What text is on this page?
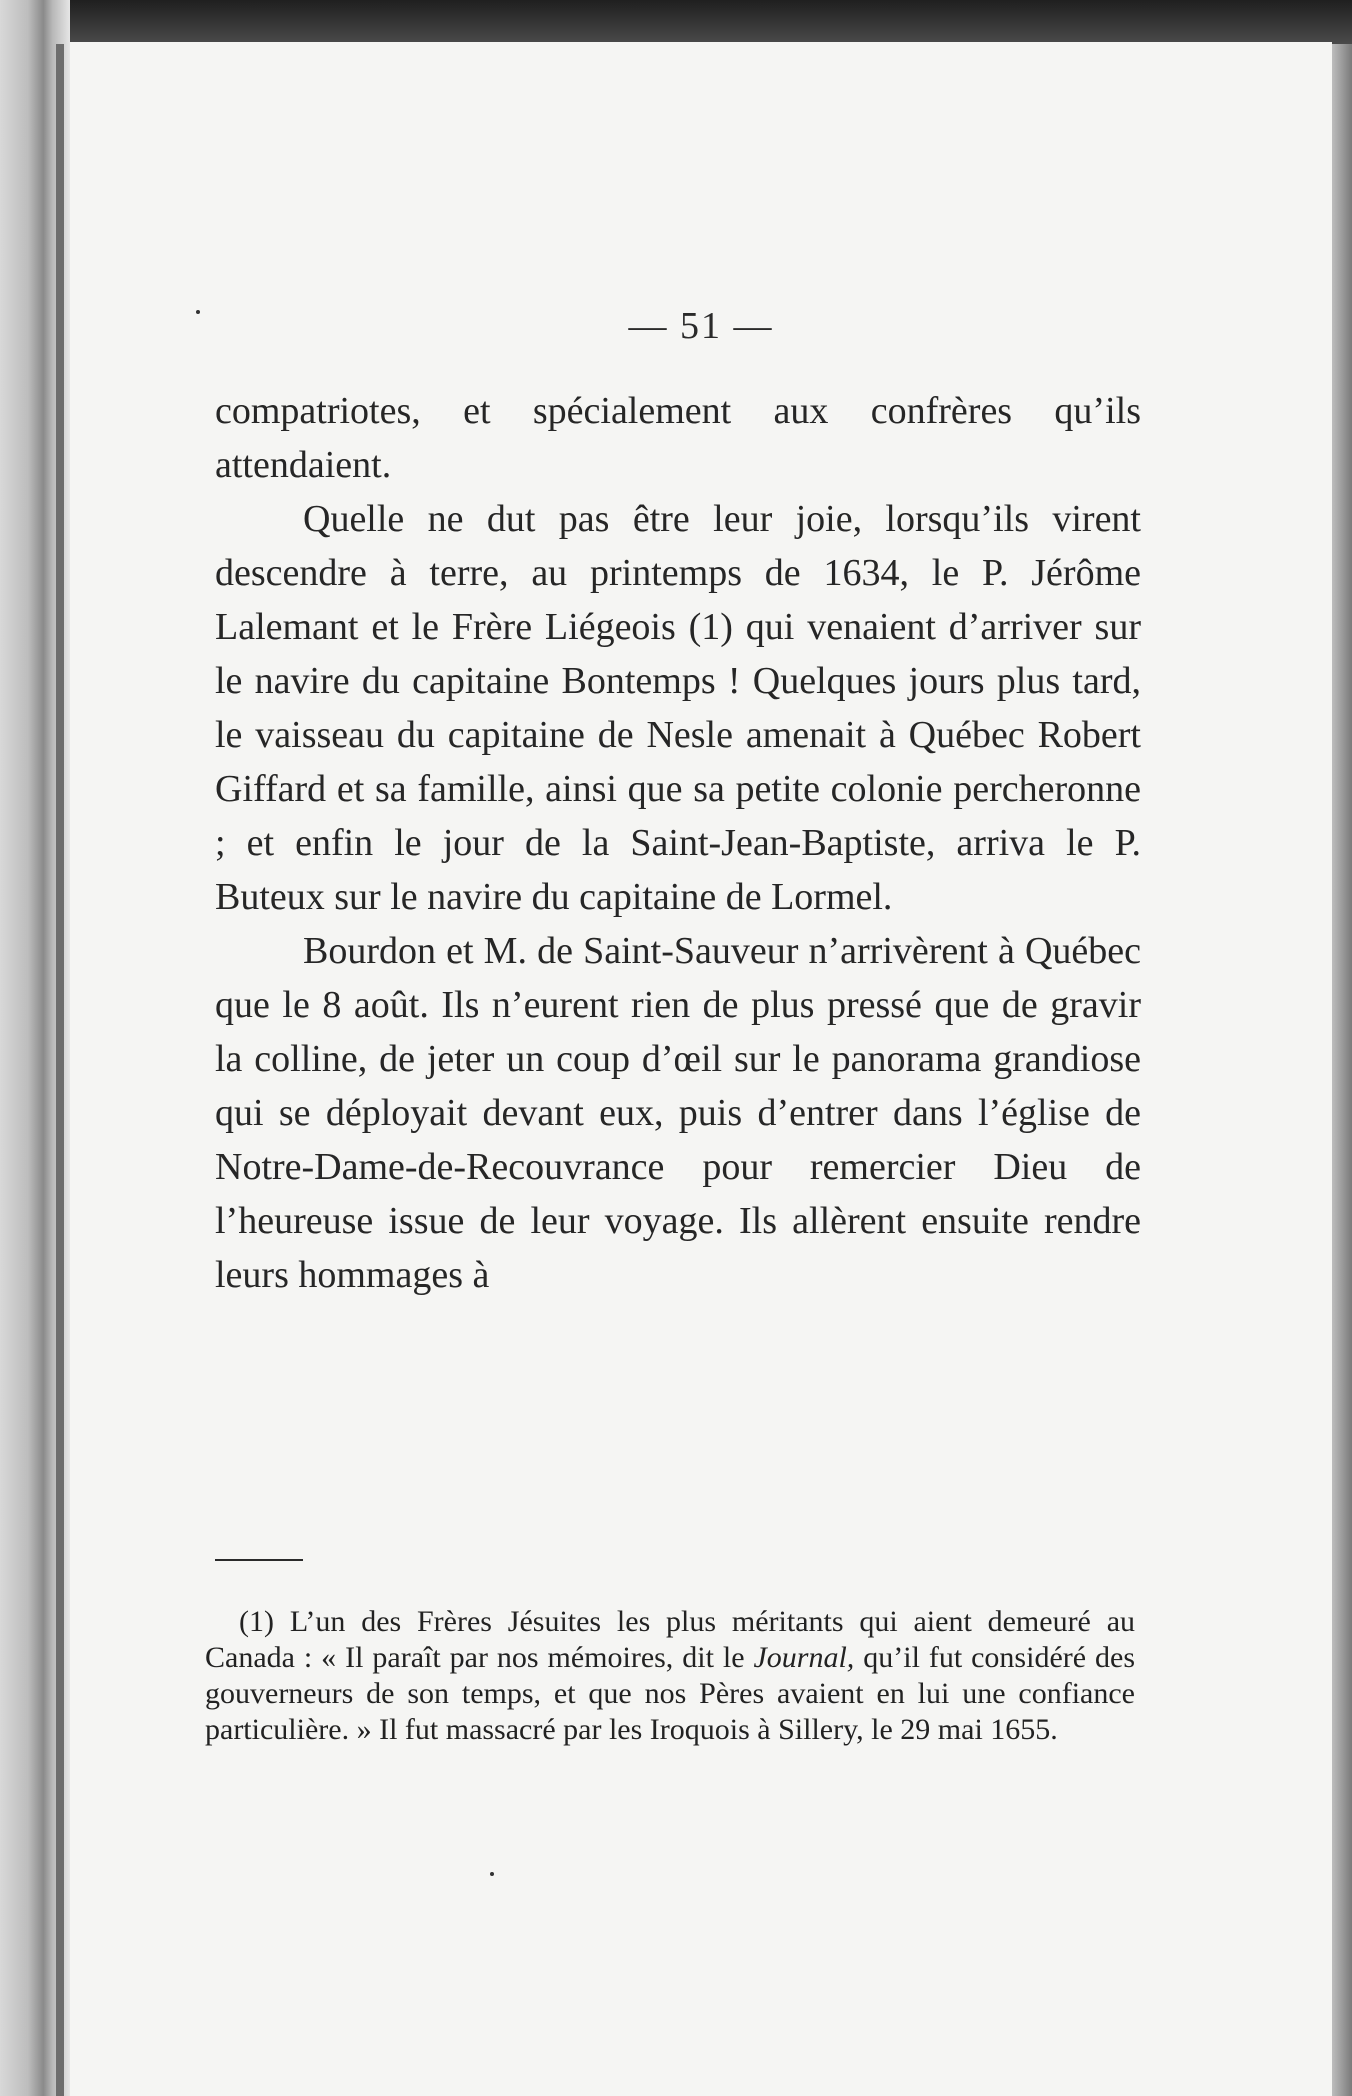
— 51 —

compatriotes, et spécialement aux confrères qu’ils attendaient.

Quelle ne dut pas être leur joie, lorsqu’ils virent descendre à terre, au printemps de 1634, le P. Jérôme Lalemant et le Frère Liégeois (1) qui venaient d’arriver sur le navire du capitaine Bontemps ! Quelques jours plus tard, le vaisseau du capitaine de Nesle amenait à Québec Robert Giffard et sa famille, ainsi que sa petite colonie percheronne ; et enfin le jour de la Saint-Jean-Baptiste, arriva le P. Buteux sur le navire du capitaine de Lormel.

Bourdon et M. de Saint-Sauveur n’arrivèrent à Québec que le 8 août. Ils n’eurent rien de plus pressé que de gravir la colline, de jeter un coup d’œil sur le panorama grandiose qui se déployait devant eux, puis d’entrer dans l’église de Notre-Dame-de-Recouvrance pour remercier Dieu de l’heureuse issue de leur voyage. Ils allèrent ensuite rendre leurs hommages à

(1) L’un des Frères Jésuites les plus méritants qui aient demeuré au Canada : « Il paraît par nos mémoires, dit le Journal, qu’il fut considéré des gouverneurs de son temps, et que nos Pères avaient en lui une confiance particulière. » Il fut massacré par les Iroquois à Sillery, le 29 mai 1655.
